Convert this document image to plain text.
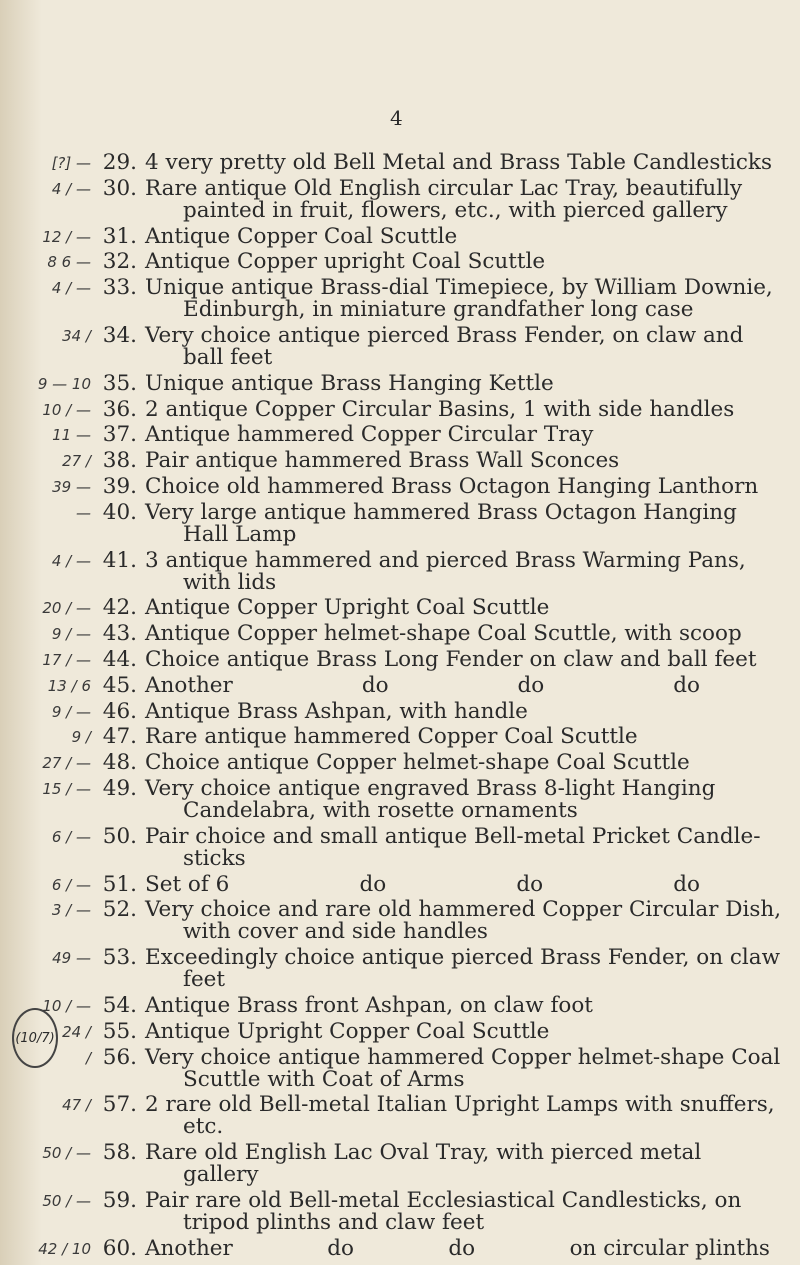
4
(10/7)
[?] — 29. 4 very pretty old Bell Metal and Brass Table Candlesticks
4 / — 30. Rare antique Old English circular Lac Tray, beautifully
painted in fruit, flowers, etc., with pierced gallery
12 / — 31. Antique Copper Coal Scuttle
8 6 — 32. Antique Copper upright Coal Scuttle
4 / — 33. Unique antique Brass-dial Timepiece, by William Downie,
Edinburgh, in miniature grandfather long case
34 / 34. Very choice antique pierced Brass Fender, on claw and
ball feet
9 — 10 35. Unique antique Brass Hanging Kettle
10 / — 36. 2 antique Copper Circular Basins, 1 with side handles
11 — 37. Antique hammered Copper Circular Tray
27 / 38. Pair antique hammered Brass Wall Sconces
39 — 39. Choice old hammered Brass Octagon Hanging Lanthorn
— 40. Very large antique hammered Brass Octagon Hanging
Hall Lamp
4 / — 41. 3 antique hammered and pierced Brass Warming Pans,
with lids
20 / — 42. Antique Copper Upright Coal Scuttle
9 / — 43. Antique Copper helmet-shape Coal Scuttle, with scoop
17 / — 44. Choice antique Brass Long Fender on claw and ball feet
13 / 6 45. Another	do	do	do
9 / — 46. Antique Brass Ashpan, with handle
9 / 47. Rare antique hammered Copper Coal Scuttle
27 / — 48. Choice antique Copper helmet-shape Coal Scuttle
15 / — 49. Very choice antique engraved Brass 8-light Hanging
Candelabra, with rosette ornaments
6 / — 50. Pair choice and small antique Bell-metal Pricket Candle-
sticks
6 / — 51. Set of 6	do	do	do
3 / — 52. Very choice and rare old hammered Copper Circular Dish,
with cover and side handles
49 — 53. Exceedingly choice antique pierced Brass Fender, on claw
feet
10 / — 54. Antique Brass front Ashpan, on claw foot
24 / 55. Antique Upright Copper Coal Scuttle
/ 56. Very choice antique hammered Copper helmet-shape Coal
Scuttle with Coat of Arms
47 / 57. 2 rare old Bell-metal Italian Upright Lamps with snuffers,
etc.
50 / — 58. Rare old English Lac Oval Tray, with pierced metal
gallery
50 / — 59. Pair rare old Bell-metal Ecclesiastical Candlesticks, on
tripod plinths and claw feet
42 / 10 60. Another	do	do	on circular plinths
